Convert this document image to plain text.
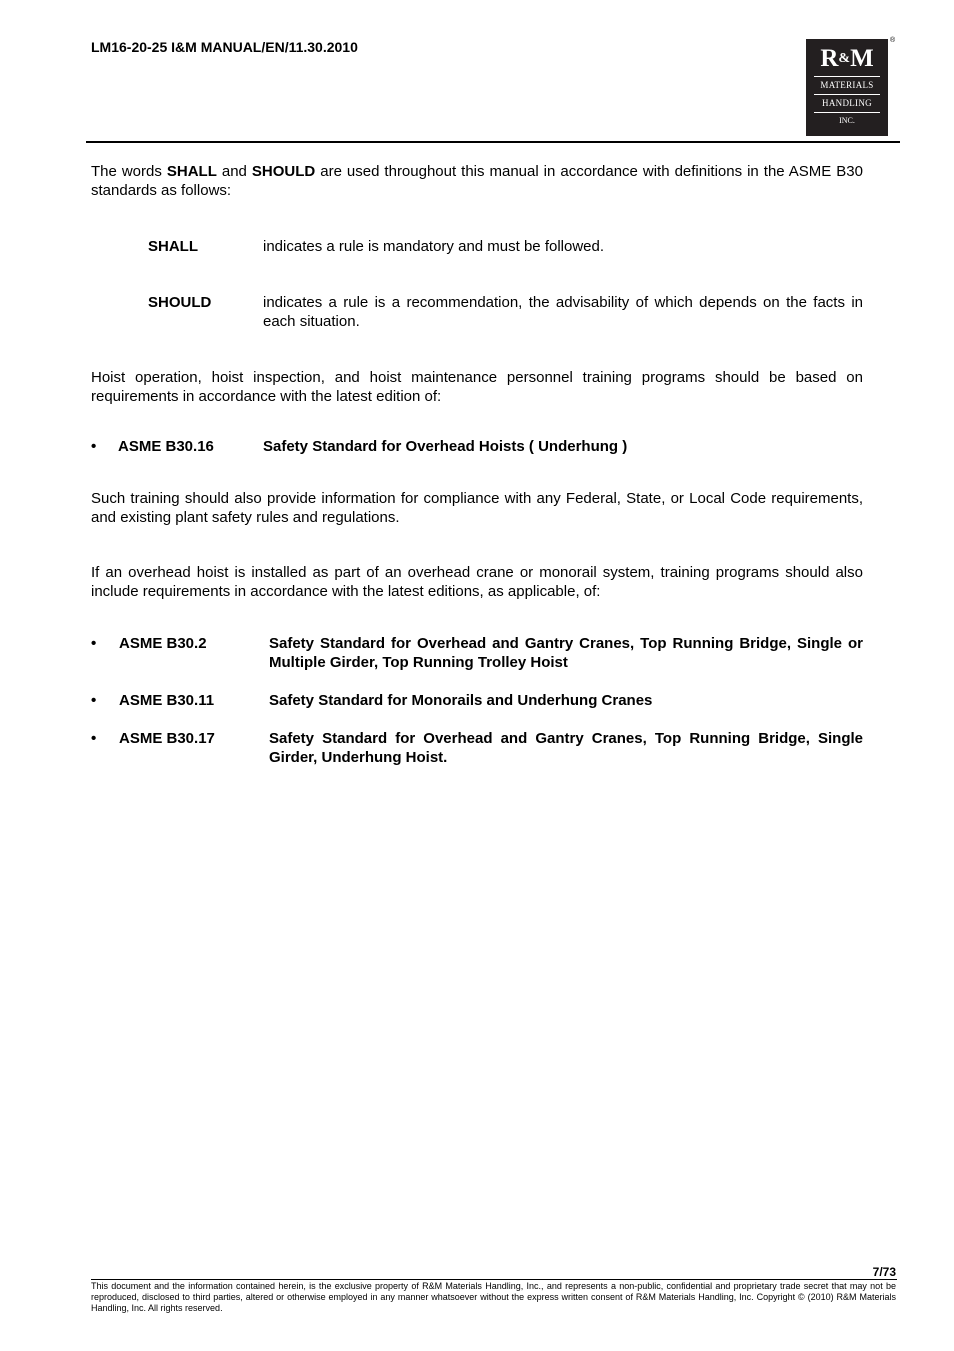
LM16-20-25 I&M MANUAL/EN/11.30.2010	R&M
MATERIALS
HANDLING
INC.
®
The words SHALL and SHOULD are used throughout this manual in accordance with definitions in the ASME B30 standards as follows:
SHALL	indicates a rule is mandatory and must be followed.
SHOULD	indicates a rule is a recommendation, the advisability of which depends on the facts in each situation.
Hoist operation, hoist inspection, and hoist maintenance personnel training programs should be based on requirements in accordance with the latest edition of:
• ASME B30.16	Safety Standard for Overhead Hoists ( Underhung )
Such training should also provide information for compliance with any Federal, State, or Local Code requirements, and existing plant safety rules and regulations.
If an overhead hoist is installed as part of an overhead crane or monorail system, training programs should also include requirements in accordance with the latest editions, as applicable, of:
• ASME B30.2	Safety Standard for Overhead and Gantry Cranes, Top Running Bridge, Single or Multiple Girder, Top Running Trolley Hoist
• ASME B30.11	Safety Standard for Monorails and Underhung Cranes
• ASME B30.17	Safety Standard for Overhead and Gantry Cranes, Top Running Bridge, Single Girder, Underhung Hoist.
7/73
This document and the information contained herein, is the exclusive property of R&M Materials Handling, Inc., and represents a non-public, confidential and proprietary trade secret that may not be reproduced, disclosed to third parties, altered or otherwise employed in any manner whatsoever without the express written consent of R&M Materials Handling, Inc. Copyright © (2010) R&M Materials Handling, Inc. All rights reserved.
